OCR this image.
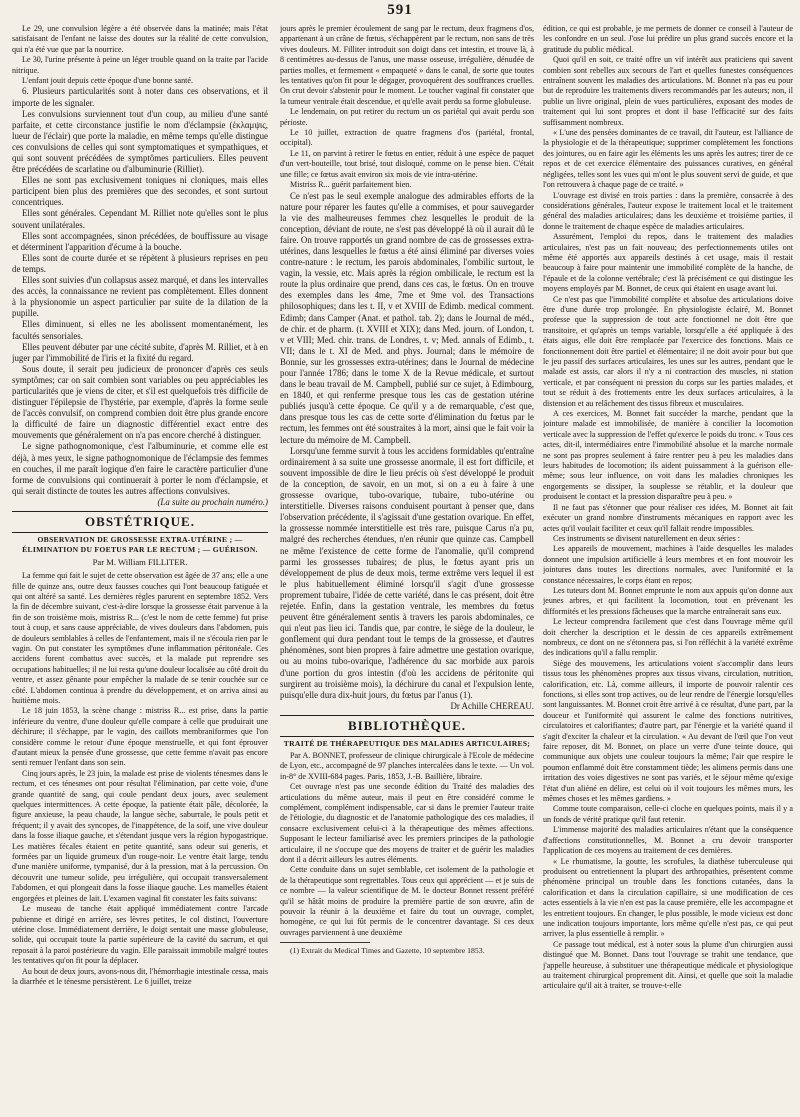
591

Le 29, une convulsion légère a été observée dans la matinée; mais l'état satisfaisant de l'enfant ne laisse des doutes sur la réalité de cette convulsion, qui n'a été vue que par la nourrice.

Le 30, l'urine présente à peine un léger trouble quand on la traite par l'acide nitrique.

L'enfant jouit depuis cette époque d'une bonne santé.

6. Plusieurs particularités sont à noter dans ces observations, et il importe de les signaler.

Les convulsions surviennent tout d'un coup, au milieu d'une santé parfaite, et cette circonstance justifie le nom d'éclampsie (ἐκλαμψις, lueur de l'éclair) que porte la maladie, en même temps qu'elle distingue ces convulsions de celles qui sont symptomatiques et sympathiques, et qui sont souvent précédées de symptômes particuliers. Elles peuvent être précédées de scarlatine ou d'albuminurie (Rilliet).

Elles ne sont pas exclusivement toniques ni cloniques, mais elles participent bien plus des premières que des secondes, et sont surtout concentriques.

Elles sont générales. Cependant M. Rilliet note qu'elles sont le plus souvent unilatérales.

Elles sont accompagnées, sinon précédées, de bouffissure au visage et déterminent l'apparition d'écume à la bouche.

Elles sont de courte durée et se répètent à plusieurs reprises en peu de temps.

Elles sont suivies d'un collapsus assez marqué, et dans les intervalles des accès, la connaissance ne revient pas complètement. Elles donnent à la physionomie un aspect particulier par suite de la dilation de la pupille.

Elles diminuent, si elles ne les abolissent momentanément, les facultés sensoriales.

Elles peuvent débuter par une cécité subite, d'après M. Rilliet, et à en juger par l'immobilité de l'iris et la fixité du regard.

Sous doute, il serait peu judicieux de prononcer d'après ces seuls symptômes; car on sait combien sont variables ou peu appréciables les particularités que je viens de citer, et s'il est quelquefois très difficile de distinguer l'épilepsie de l'hystérie, par exemple, d'après la forme seule de l'accès convulsif, on comprend combien doit être plus grande encore la difficulté de faire un diagnostic différentiel exact entre des mouvements que généralement on n'a pas encore cherché à distinguer.

Le signe pathognomonique, c'est l'albuminurie, et comme elle est déjà, à mes yeux, le signe pathognomonique de l'éclampsie des femmes en couches, il me paraît logique d'en faire le caractère particulier d'une forme de convulsions qui continuerait à porter le nom d'éclampsie, et qui serait distincte de toutes les autres affections convulsives.

(La suite au prochain numéro.)

OBSTÉTRIQUE.
OBSERVATION DE GROSSESSE EXTRA-UTÉRINE ; — ÉLIMINATION DU FOETUS PAR LE RECTUM ; — GUÉRISON.
Par M. William FILLITER.

La femme qui fait le sujet de cette observation est âgée de 37 ans; elle a une fille de quinze ans, outre deux fausses couches qui l'ont beaucoup fatiguée et qui ont altéré sa santé. Les dernières règles parurent en septembre 1852. Vers la fin de décembre suivant, c'est-à-dire lorsque la grossesse était parvenue à la fin de son troisième mois, mistriss R... (c'est le nom de cette femme) fut prise tout à coup, et sans cause appréciable, de vives douleurs dans l'abdomen, puis de douleurs semblables à celles de l'enfantement, mais il ne s'écoula rien par le vagin. On put constater les symptômes d'une inflammation péritonéale. Ces accidens furent combattus avec succès, et la malade put reprendre ses occupations habituelles; il ne lui resta qu'une douleur localisée au côté droit du ventre, et assez gênante pour empêcher la malade de se tenir couchée sur ce côté. L'abdomen continua à prendre du développement, et on arriva ainsi au huitième mois.

Le 18 juin 1853, la scène change : mistriss R... est prise, dans la partie inférieure du ventre, d'une douleur qu'elle compare à celle que produirait une déchirure; il s'échappe, par le vagin, des caillots membraniformes que l'on considère comme le retour d'une époque menstruelle, et qui font éprouver d'autant mieux la pensée d'une grossesse, que cette femme n'avait pas encore senti remuer l'enfant dans son sein.

Cinq jours après, le 23 juin, la malade est prise de violents ténesmes dans le rectum, et ces ténesmes ont pour résultat l'élimination, par cette voie, d'une grande quantité de sang, qui coule pendant deux jours, avec seulement quelques intermittences. A cette époque, la patiente était pâle, décolorée, la figure anxieuse, la peau chaude, la langue sèche, saburrale, le pouls petit et fréquent; il y avait des syncopes, de l'inappétence, de la soif, une vive douleur dans la fosse iliaque gauche, et s'étendant jusque vers la région hypogastrique. Les matières fécales étaient en petite quantité, sans odeur sui generis, et formées par un liquide grumeux d'un rouge-noir. Le ventre était large, tendu d'une manière uniforme, tympanisé, dur à la pression, mat à la percussion. On découvrit une tumeur solide, peu irrégulière, qui occupait transversalement l'abdomen, et qui plongeait dans la fosse iliaque gauche. Les mamelles étaient engorgées et pleines de lait. L'examen vaginal fit constater les faits suivans:

Le museau de tanche était appliqué immédiatement contre l'arcade pubienne et dirigé en arrière, ses lèvres petites, le col distinct, l'ouverture utérine close. Immédiatement derrière, le doigt sentait une masse globuleuse, solide, qui occupait toute la partie supérieure de la cavité du sacrum, et qui reposait à la paroi postérieure du vagin. Elle paraissait immobile malgré toutes les tentatives qu'on fit pour la déplacer.

Au bout de deux jours, avons-nous dit, l'hémorrhagie intestinale cessa, mais la diarrhée et le ténesme persistèrent. Le 6 juillet, treize

jours après le premier écoulement de sang par le rectum, deux fragmens d'os, appartenant à un crâne de fœtus, s'échappèrent par le rectum, non sans de très vives douleurs. M. Filliter introduit son doigt dans cet intestin, et trouve là, à 8 centimètres au-dessus de l'anus, une masse osseuse, irrégulière, dénudée de parties molles, et fermement « empaqueté » dans le canal, de sorte que toutes les tentatives qu'on fit pour le dégager, provoquèrent des souffrances cruelles. On crut devoir s'abstenir pour le moment. Le toucher vaginal fit constater que la tumeur ventrale était descendue, et qu'elle avait perdu sa forme globuleuse.

Le lendemain, on put retirer du rectum un os pariétal qui avait perdu son périoste.

Le 10 juillet, extraction de quatre fragmens d'os (pariétal, frontal, occipital).

Le 11, on parvint à retirer le fœtus en entier, réduit à une espèce de paquet d'un vert-bouteille, tout brisé, tout disloqué, comme on le pense bien. C'était une fille; ce fœtus avait environ six mois de vie intra-utérine.

Mistriss R... guérit parfaitement bien.

Ce n'est pas le seul exemple analogue des admirables efforts de la nature pour réparer les fautes qu'elle a commises, et pour sauvegarder la vie des malheureuses femmes chez lesquelles le produit de la conception, déviant de route, ne s'est pas développé là où il aurait dû le faire. On trouve rapportés un grand nombre de cas de grossesses extra-utérines, dans lesquelles le fœtus a été ainsi éliminé par diverses voies contre-nature : le rectum, les parois abdominales, l'ombilic surtout, le vagin, la vessie, etc. Mais après la région ombilicale, le rectum est la route la plus ordinaire que prend, dans ces cas, le fœtus. On en trouve des exemples dans les 4me, 7me et 9me vol. des Transactions philosophiques; dans les t. II, v et XVIII de Edimb. medical comment. Edimb; dans Camper (Anat. et pathol. tab. 2); dans le Journal de méd., de chir. et de pharm. (t. XVIII et XIX); dans Med. journ. of London, t. v et VIII; Med. chir. trans. de Londres, t. v; Med. annals of Edimb., t. VII; dans le t. XI de Med. and phys. Journal; dans le mémoire de Bonnie, sur les grossesses extra-utérines; dans le Journal de médecine pour l'année 1786; dans le tome X de la Revue médicale, et surtout dans le beau travail de M. Campbell, publié sur ce sujet, à Edimbourg, en 1840, et qui renferme presque tous les cas de gestation utérine publiés jusqu'à cette époque. Ce qu'il y a de remarquable, c'est que, dans presque tous les cas de cette sorte d'élimination du fœtus par le rectum, les femmes ont été soustraites à la mort, ainsi que le fait voir la lecture du mémoire de M. Campbell.

Lorsqu'une femme survit à tous les accidens formidables qu'entraîne ordinairement à sa suite une grossesse anormale, il est fort difficile, et souvent impossible de dire le lieu précis où s'est développé le produit de la conception, de savoir, en un mot, si on a eu à faire à une grossesse ovarique, tubo-ovarique, tubaire, tubo-utérine ou interstitielle. Diverses raisons conduisent pourtant à penser que, dans l'observation précédente, il s'agissait d'une gestation ovarique. En effet, la grossesse nommée interstitielle est très rare, puisque Carus n'a pu, malgré des recherches étendues, n'en réunir que quinze cas. Campbell ne même l'existence de cette forme de l'anomalie, qu'il comprend parmi les grossesses tubaires; de plus, le fœtus ayant pris un développement de plus de deux mois, terme extrême vers lequel il est le plus habituellement éliminé lorsqu'il s'agit d'une grossesse proprement tubaire, l'idée de cette variété, dans le cas présent, doit être rejetée. Enfin, dans la gestation ventrale, les membres du fœtus peuvent être généralement sentis à travers les parois abdominales, ce qui n'eut pas lieu ici. Tandis que, par contre, le siège de la douleur, le gonflement qui dura pendant tout le temps de la grossesse, et d'autres phénomènes, sont bien propres à faire admettre une gestation ovarique, ou au moins tubo-ovarique, l'adhérence du sac morbide aux parois d'une portion du gros intestin (d'où les accidens de péritonite qui surgirent au troisième mois), la déchirure du canal et l'expulsion lente, puisqu'elle dura dix-huit jours, du fœtus par l'anus (1).

Dr Achille CHEREAU.

BIBLIOTHÈQUE.
TRAITÉ DE THÉRAPEUTIQUE DES MALADIES ARTICULAIRES;

Par A. BONNET, professeur de clinique chirurgicale à l'Ecole de médecine de Lyon, etc., accompagné de 97 planches intercalées dans le texte. — Un vol. in-8° de XVIII-684 pages. Paris, 1853, J.-B. Baillière, libraire.

Cet ouvrage n'est pas une seconde édition du Traité des maladies des articulations du même auteur, mais il peut en être considéré comme le complément, complément indispensable, car si dans le premier l'auteur traite de l'étiologie, du diagnostic et de l'anatomie pathologique des ces maladies, il consacre exclusivement celui-ci à la thérapeutique des mêmes affections. Supposant le lecteur familiarisé avec les premiers principes de la pathologie articulaire, il ne s'occupe que des moyens de traiter et de guérir les maladies dont il a décrit ailleurs les autres éléments.

Cette conduite dans un sujet semblable, cet isolement de la pathologie et de la thérapeutique sont regrettables. Tous ceux qui apprécient — et je suis de ce nombre — la valeur scientifique de M. le docteur Bonnet ressent préféré qu'il se hâtât moins de produire la première partie de son œuvre, afin de pouvoir la réunir à la deuxième et faire du tout un ouvrage, complet, homogène, ce qui lui fût permis de le concentrer davantage. Si ces deux ouvrages parviennent à une deuxième

(1) Extrait du Medical Times and Gazette, 10 septembre 1853.

édition, ce qui est probable, je me permets de donner ce conseil à l'auteur de les confondre en un seul. J'ose lui prédire un plus grand succès encore et la gratitude du public médical.

Quoi qu'il en soit, ce traité offre un vif intérêt aux praticiens qui savent combien sont rebelles aux secours de l'art et quelles funestes conséquences entraînent souvent les maladies des articulations. M. Bonnet n'a pas eu pour but de reproduire les traitements divers recommandés par les auteurs; non, il publie un livre original, plein de vues particulières, exposant des modes de traitement qui lui sont propres et dont il base l'efficacité sur des faits suffisamment nombreux.

« L'une des pensées dominantes de ce travail, dit l'auteur, est l'alliance de la physiologie et de la thérapeutique; supprimer complètement les fonctions des jointures, ou en faire agir les éléments les uns après les autres; tirer de ce repos et de cet exercice élémentaire des puissances curatives, en général négligées, telles sont les vues qui m'ont le plus souvent servi de guide, et que l'on retrouvera à chaque page de ce traité. »

L'ouvrage est divisé en trois parties : dans la première, consacrée à des considérations générales, l'auteur expose le traitement local et le traitement général des maladies articulaires; dans les deuxième et troisième parties, il donne le traitement de chaque espèce de maladies articulaires.

Assurément, l'emploi du repos, dans le traitement des maladies articulaires, n'est pas un fait nouveau; des perfectionnements utiles ont même été apportés aux appareils destinés à cet usage, mais il restait beaucoup à faire pour maintenir une immobilité complète de la hanche, de l'épaule et de la colonne vertébrale; c'est là précisément ce qui distingue les moyens employés par M. Bonnet, de ceux qui étaient en usage avant lui.

Ce n'est pas que l'immobilité complète et absolue des articulations doive être d'une durée trop prolongée. En physiologiste éclairé, M. Bonnet professe que la suppression de tout acte fonctionnel ne doit être que transitoire, et qu'après un temps variable, lorsqu'elle a été appliquée à des états aigus, elle doit être remplacée par l'exercice des fonctions. Mais ce fonctionnement doit être partiel et élémentaire; il ne doit avoir pour but que le jeu passif des surfaces articulaires, les unes sur les autres, pendant que le malade est assis, car alors il n'y a ni contraction des muscles, ni station verticale, et par conséquent ni pression du corps sur les parties malades, et tout se réduit à des frottements entre les deux surfaces articulaires, à la distension et au relâchement des tissus fibreux et musculaires.

A ces exercices, M. Bonnet fait succéder la marche, pendant que la jointure malade est immobilisée, de manière à concilier la locomotion verticale avec la suppression de l'effet qu'exerce le poids du tronc. « Tous ces actes, dit-il, intermédiaires entre l'immobilité absolue et la marche normale ne sont pas propres seulement à faire rentrer peu à peu les maladies dans leurs habitudes de locomotion; ils aident puissamment à la guérison elle-même; sous leur influence, on voit dans les maladies chroniques les engorgements se dissiper, la souplesse se rétablir, et la douleur que produisent le contact et la pression disparaître peu à peu. »

Il ne faut pas s'étonner que pour réaliser ces idées, M. Bonnet ait fait exécuter un grand nombre d'instruments mécaniques en rapport avec les actes qu'il voulait faciliter et ceux qu'il fallait rendre impossibles.

Ces instruments se divisent naturellement en deux séries :

Les appareils de mouvement, machines à l'aide desquelles les malades donnent une impulsion artificielle à leurs membres et en font mouvoir les jointures dans toutes les directions normales, avec l'uniformité et la constance nécessaires, le corps étant en repos;

Les tuteurs dont M. Bonnet emprunte le nom aux appuis qu'on donne aux jeunes arbres, et qui facilitent la locomotion, tout en prévenant les difformités et les pressions fâcheuses que la marche entraînerait sans eux.

Le lecteur comprendra facilement que c'est dans l'ouvrage même qu'il doit chercher la description et le dessin de ces appareils extrêmement nombreux, ce dont on ne s'étonnera pas, si l'on réfléchit à la variété extrême des indications qu'il a fallu remplir.

Siège des mouvemens, les articulations voient s'accomplir dans leurs tissus tous les phénomènes propres aux tissus vivans, circulation, nutrition, calorification, etc. Là, comme ailleurs, il importe de pouvoir ralentir ces fonctions, si elles sont trop actives, ou de leur rendre de l'énergie lorsqu'elles sont languissantes. M. Bonnet croit être arrivé à ce résultat, d'une part, par la douceur et l'uniformité qui assurent le calme des fonctions nutritives, circulatoires et calorifiantes; d'autre part, par l'énergie et la variété quand il s'agit d'exciter la chaleur et la circulation. « Au devant de l'œil que l'on veut faire reposer, dit M. Bonnet, on place un verre d'une teinte douce, qui communique aux objets une couleur toujours la même; l'air que respire le poumon enflammé doit être constamment tiède; les alimens permis dans une irritation des voies digestives ne sont pas variés, et le séjour même qu'exige l'état d'un aliéné en délire, est celui où il voit toujours les mêmes murs, les mêmes choses et les mêmes gardiens. »

Comme toute comparaison, celle-ci cloche en quelques points, mais il y a un fonds de vérité pratique qu'il faut retenir.

L'immense majorité des maladies articulaires n'étant que la conséquence d'affections constitutionnelles, M. Bonnet a cru devoir transporter l'application de ces moyens au traitement de ces dernières.

« Le rhumatisme, la goutte, les scrofules, la diathèse tuberculeuse qui produisent ou entretiennent la plupart des arthropathies, présentent comme phénomène principal un trouble dans les fonctions cutanées, dans la calorification et dans la circulation capillaire, si une modification de ces actes essentiels à la vie n'en est pas la cause première, elle les accompagne et les entretient toujours. En changer, le plus possible, le mode vicieux est donc une indication toujours importante, lors même qu'elle n'est pas, ce qui peut arriver, la plus essentielle à remplir. »

Ce passage tout médical, est à noter sous la plume d'un chirurgien aussi distingué que M. Bonnet. Dans tout l'ouvrage se trahit une tendance, que j'appelle heureuse, à substituer une thérapeutique médicale et physiologique au traitement chirurgical proprement dit. Ainsi, et quelle que soit la maladie articulaire qu'il ait à traiter, se trouve-t-elle
